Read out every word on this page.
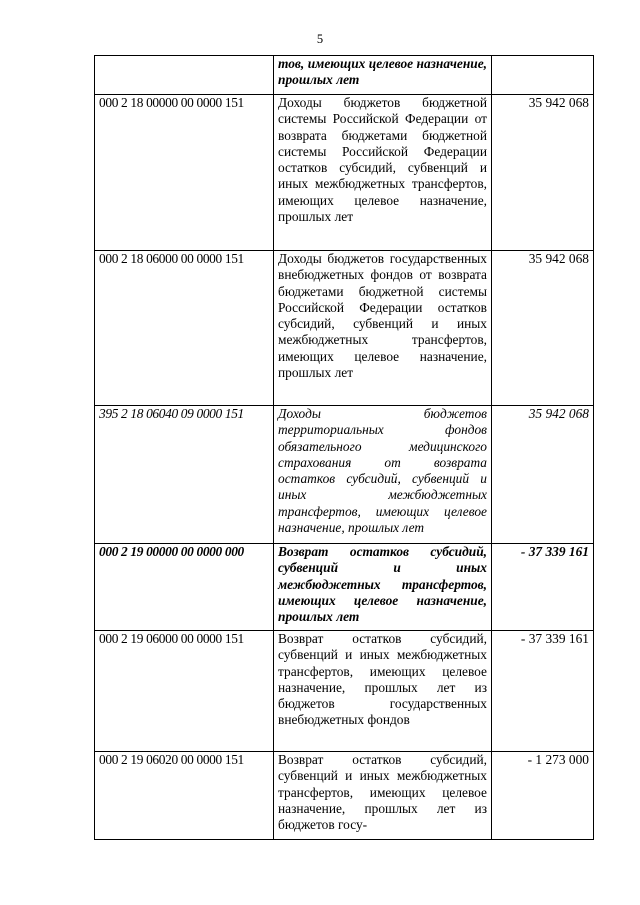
5
	тов, имеющих целевое назначение, прошлых лет	
000 2 18 00000 00 0000 151	Доходы бюджетов бюджетной системы Российской Федерации от возврата бюджетами бюджетной системы Российской Федерации остатков субсидий, субвенций и иных межбюджетных трансфертов, имеющих целевое назначение, прошлых лет	35 942 068
000 2 18 06000 00 0000 151	Доходы бюджетов государственных внебюджетных фондов от возврата бюджетами бюджетной системы Российской Федерации остатков субсидий, субвенций и иных межбюджетных трансфертов, имеющих целевое назначение, прошлых лет	35 942 068
395 2 18 06040 09 0000 151	Доходы бюджетов территориальных фондов обязательного медицинского страхования от возврата остатков субсидий, субвенций и иных межбюджетных трансфертов, имеющих целевое назначение, прошлых лет	35 942 068
000 2 19 00000 00 0000 000	Возврат остатков субсидий, субвенций и иных межбюджетных трансфертов, имеющих целевое назначение, прошлых лет	- 37 339 161
000 2 19 06000 00 0000 151	Возврат остатков субсидий, субвенций и иных межбюджетных трансфертов, имеющих целевое назначение, прошлых лет из бюджетов государственных внебюджетных фондов	- 37 339 161
000 2 19 06020 00 0000 151	Возврат остатков субсидий, субвенций и иных межбюджетных трансфертов, имеющих целевое назначение, прошлых лет из бюджетов госу-	- 1 273 000
